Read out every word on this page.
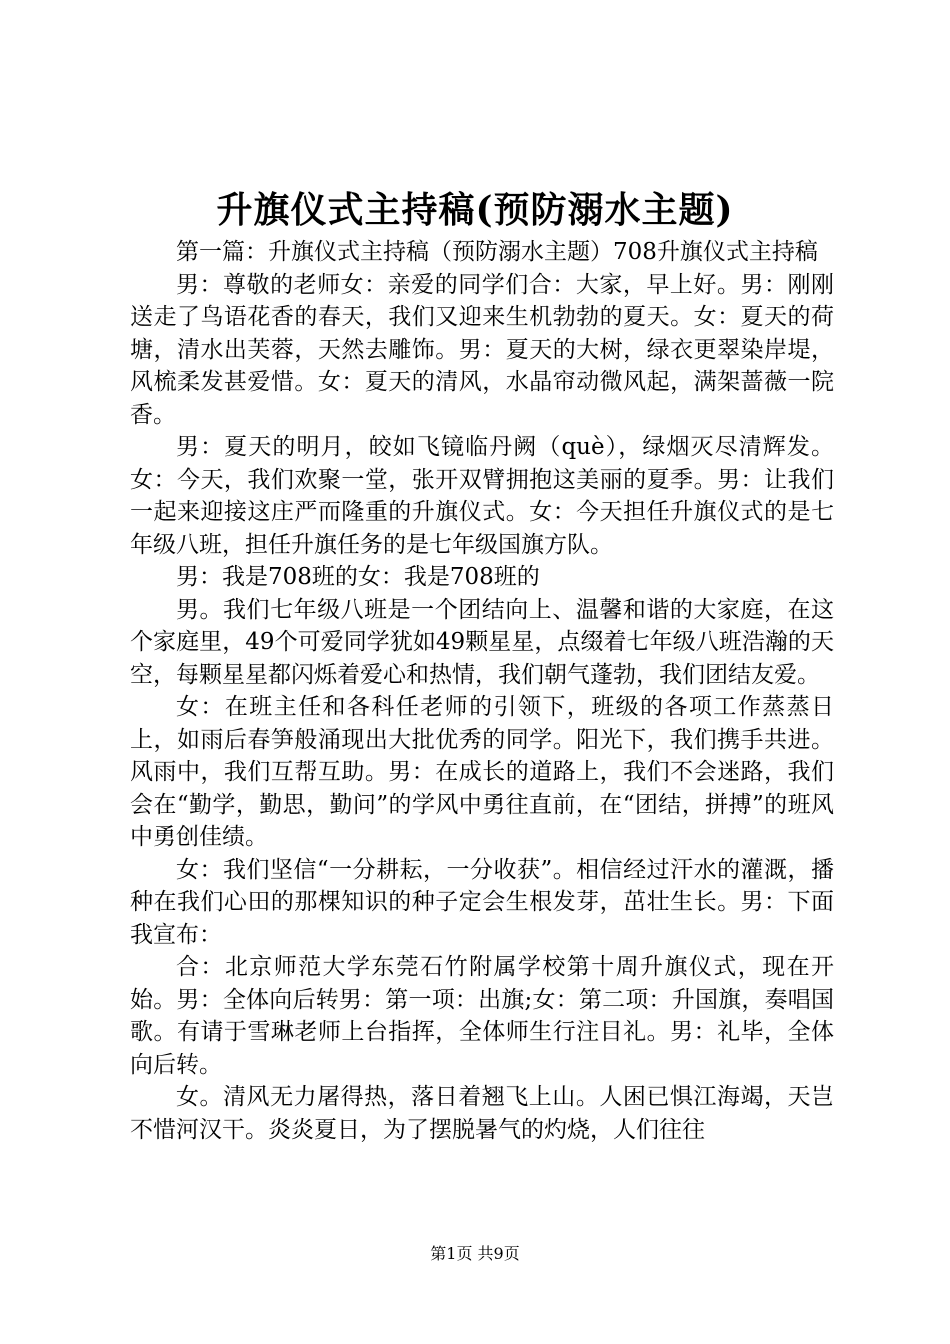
升旗仪式主持稿(预防溺水主题)

第一篇：升旗仪式主持稿（预防溺水主题）708升旗仪式主持稿

男：尊敬的老师女：亲爱的同学们合：大家，早上好。男：刚刚送走了鸟语花香的春天，我们又迎来生机勃勃的夏天。女：夏天的荷塘，清水出芙蓉，天然去雕饰。男：夏天的大树，绿衣更翠染岸堤，风梳柔发甚爱惜。女：夏天的清风，水晶帘动微风起，满架蔷薇一院香。

男：夏天的明月，皎如飞镜临丹阙（què），绿烟灭尽清辉发。女：今天，我们欢聚一堂，张开双臂拥抱这美丽的夏季。男：让我们一起来迎接这庄严而隆重的升旗仪式。女：今天担任升旗仪式的是七年级八班，担任升旗任务的是七年级国旗方队。

男：我是708班的女：我是708班的

男。我们七年级八班是一个团结向上、温馨和谐的大家庭，在这个家庭里，49个可爱同学犹如49颗星星，点缀着七年级八班浩瀚的天空，每颗星星都闪烁着爱心和热情，我们朝气蓬勃，我们团结友爱。

女：在班主任和各科任老师的引领下，班级的各项工作蒸蒸日上，如雨后春笋般涌现出大批优秀的同学。阳光下，我们携手共进。风雨中，我们互帮互助。男：在成长的道路上，我们不会迷路，我们会在“勤学，勤思，勤问”的学风中勇往直前，在“团结，拼搏”的班风中勇创佳绩。

女：我们坚信“一分耕耘，一分收获”。相信经过汗水的灌溉，播种在我们心田的那棵知识的种子定会生根发芽，茁壮生长。男：下面我宣布：

合：北京师范大学东莞石竹附属学校第十周升旗仪式，现在开始。男：全体向后转男：第一项：出旗;女：第二项：升国旗，奏唱国歌。有请于雪琳老师上台指挥，全体师生行注目礼。男：礼毕，全体向后转。

女。清风无力屠得热，落日着翘飞上山。人困已惧江海竭，天岂不惜河汉干。炎炎夏日，为了摆脱暑气的灼烧，人们往往

第1页 共9页
